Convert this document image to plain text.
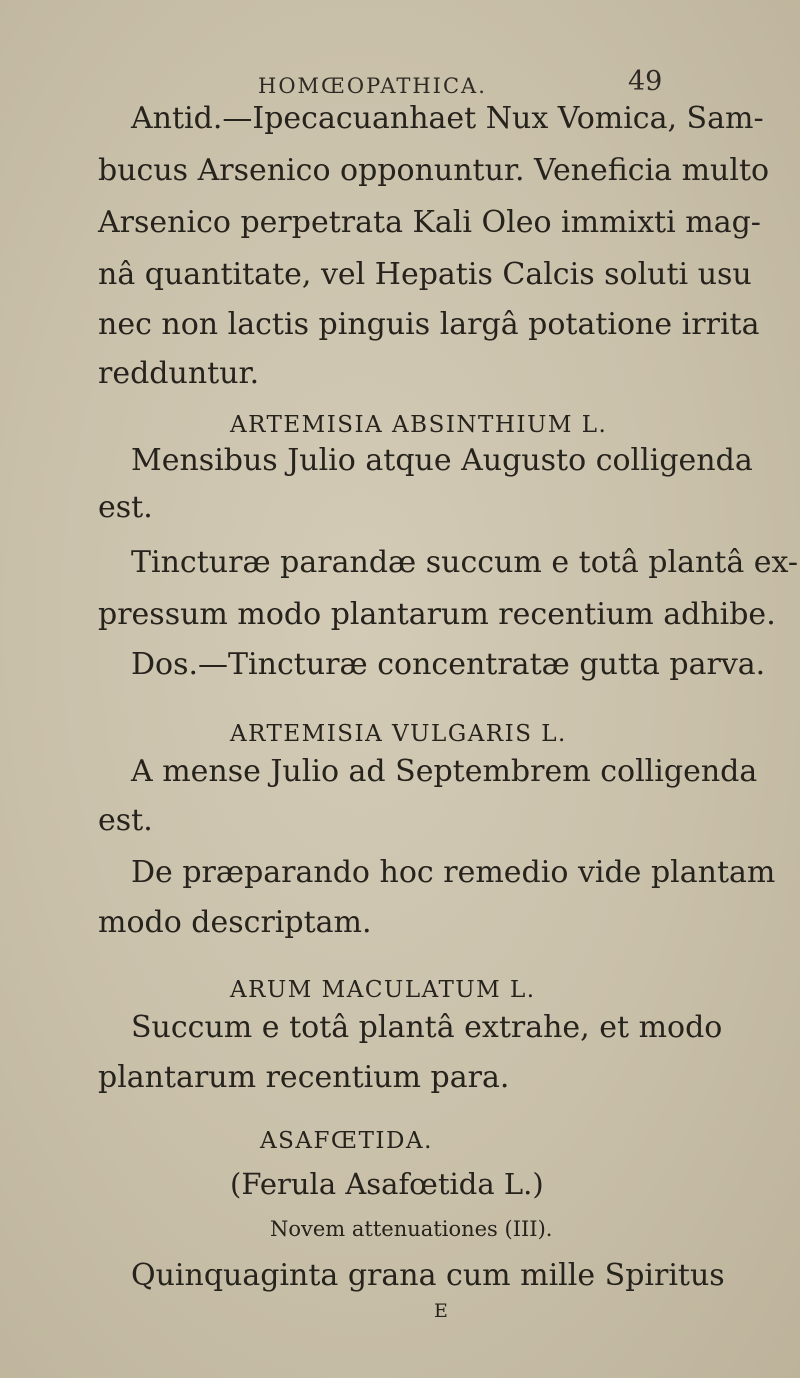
HOMŒOPATHICA.	49
Antid.—Ipecacuanhaet Nux Vomica, Sam-
bucus Arsenico opponuntur. Veneficia multo
Arsenico perpetrata Kali Oleo immixti mag-
nâ quantitate, vel Hepatis Calcis soluti usu
nec non lactis pinguis largâ potatione irrita
redduntur.
ARTEMISIA ABSINTHIUM L.
Mensibus Julio atque Augusto colligenda
est.
Tincturæ parandæ succum e totâ plantâ ex-
pressum modo plantarum recentium adhibe.
Dos.—Tincturæ concentratæ gutta parva.
ARTEMISIA VULGARIS L.
A mense Julio ad Septembrem colligenda
est.
De præparando hoc remedio vide plantam
modo descriptam.
ARUM MACULATUM L.
Succum e totâ plantâ extrahe, et modo
plantarum recentium para.
ASAFŒTIDA.
(Ferula Asafœtida L.)
Novem attenuationes (III).
Quinquaginta grana cum mille Spiritus
E
